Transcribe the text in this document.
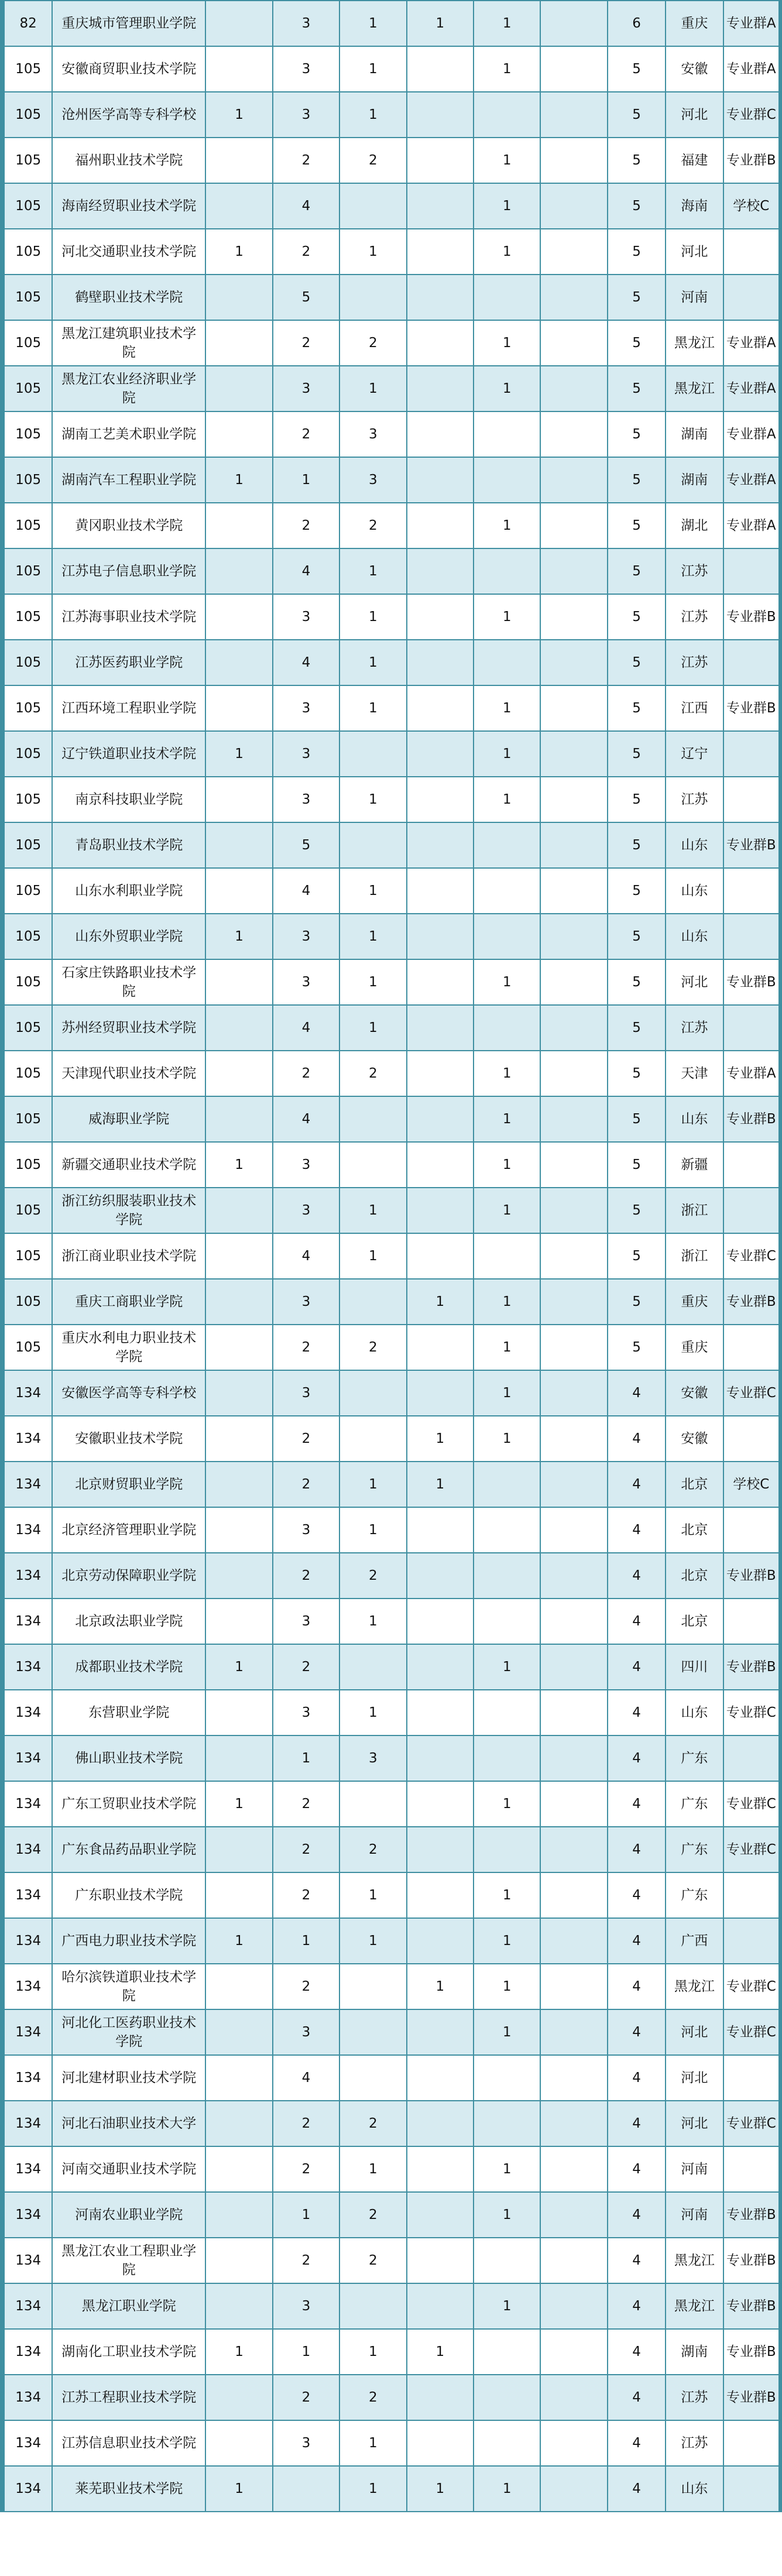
82	重庆城市管理职业学院		3	1	1	1		6	重庆	专业群A
105	安徽商贸职业技术学院		3	1		1		5	安徽	专业群A
105	沧州医学高等专科学校	1	3	1				5	河北	专业群C
105	福州职业技术学院		2	2		1		5	福建	专业群B
105	海南经贸职业技术学院		4			1		5	海南	学校C
105	河北交通职业技术学院	1	2	1		1		5	河北	
105	鹤壁职业技术学院		5					5	河南	
105	黑龙江建筑职业技术学院		2	2		1		5	黑龙江	专业群A
105	黑龙江农业经济职业学院		3	1		1		5	黑龙江	专业群A
105	湖南工艺美术职业学院		2	3				5	湖南	专业群A
105	湖南汽车工程职业学院	1	1	3				5	湖南	专业群A
105	黄冈职业技术学院		2	2		1		5	湖北	专业群A
105	江苏电子信息职业学院		4	1				5	江苏	
105	江苏海事职业技术学院		3	1		1		5	江苏	专业群B
105	江苏医药职业学院		4	1				5	江苏	
105	江西环境工程职业学院		3	1		1		5	江西	专业群B
105	辽宁铁道职业技术学院	1	3			1		5	辽宁	
105	南京科技职业学院		3	1		1		5	江苏	
105	青岛职业技术学院		5					5	山东	专业群B
105	山东水利职业学院		4	1				5	山东	
105	山东外贸职业学院	1	3	1				5	山东	
105	石家庄铁路职业技术学院		3	1		1		5	河北	专业群B
105	苏州经贸职业技术学院		4	1				5	江苏	
105	天津现代职业技术学院		2	2		1		5	天津	专业群A
105	威海职业学院		4			1		5	山东	专业群B
105	新疆交通职业技术学院	1	3			1		5	新疆	
105	浙江纺织服装职业技术学院		3	1		1		5	浙江	
105	浙江商业职业技术学院		4	1				5	浙江	专业群C
105	重庆工商职业学院		3		1	1		5	重庆	专业群B
105	重庆水利电力职业技术学院		2	2		1		5	重庆	
134	安徽医学高等专科学校		3			1		4	安徽	专业群C
134	安徽职业技术学院		2		1	1		4	安徽	
134	北京财贸职业学院		2	1	1			4	北京	学校C
134	北京经济管理职业学院		3	1				4	北京	
134	北京劳动保障职业学院		2	2				4	北京	专业群B
134	北京政法职业学院		3	1				4	北京	
134	成都职业技术学院	1	2			1		4	四川	专业群B
134	东营职业学院		3	1				4	山东	专业群C
134	佛山职业技术学院		1	3				4	广东	
134	广东工贸职业技术学院	1	2			1		4	广东	专业群C
134	广东食品药品职业学院		2	2				4	广东	专业群C
134	广东职业技术学院		2	1		1		4	广东	
134	广西电力职业技术学院	1	1	1		1		4	广西	
134	哈尔滨铁道职业技术学院		2		1	1		4	黑龙江	专业群C
134	河北化工医药职业技术学院		3			1		4	河北	专业群C
134	河北建材职业技术学院		4					4	河北	
134	河北石油职业技术大学		2	2				4	河北	专业群C
134	河南交通职业技术学院		2	1		1		4	河南	
134	河南农业职业学院		1	2		1		4	河南	专业群B
134	黑龙江农业工程职业学院		2	2				4	黑龙江	专业群B
134	黑龙江职业学院		3			1		4	黑龙江	专业群B
134	湖南化工职业技术学院	1	1	1	1			4	湖南	专业群B
134	江苏工程职业技术学院		2	2				4	江苏	专业群B
134	江苏信息职业技术学院		3	1				4	江苏	
134	莱芜职业技术学院	1		1	1	1		4	山东	
